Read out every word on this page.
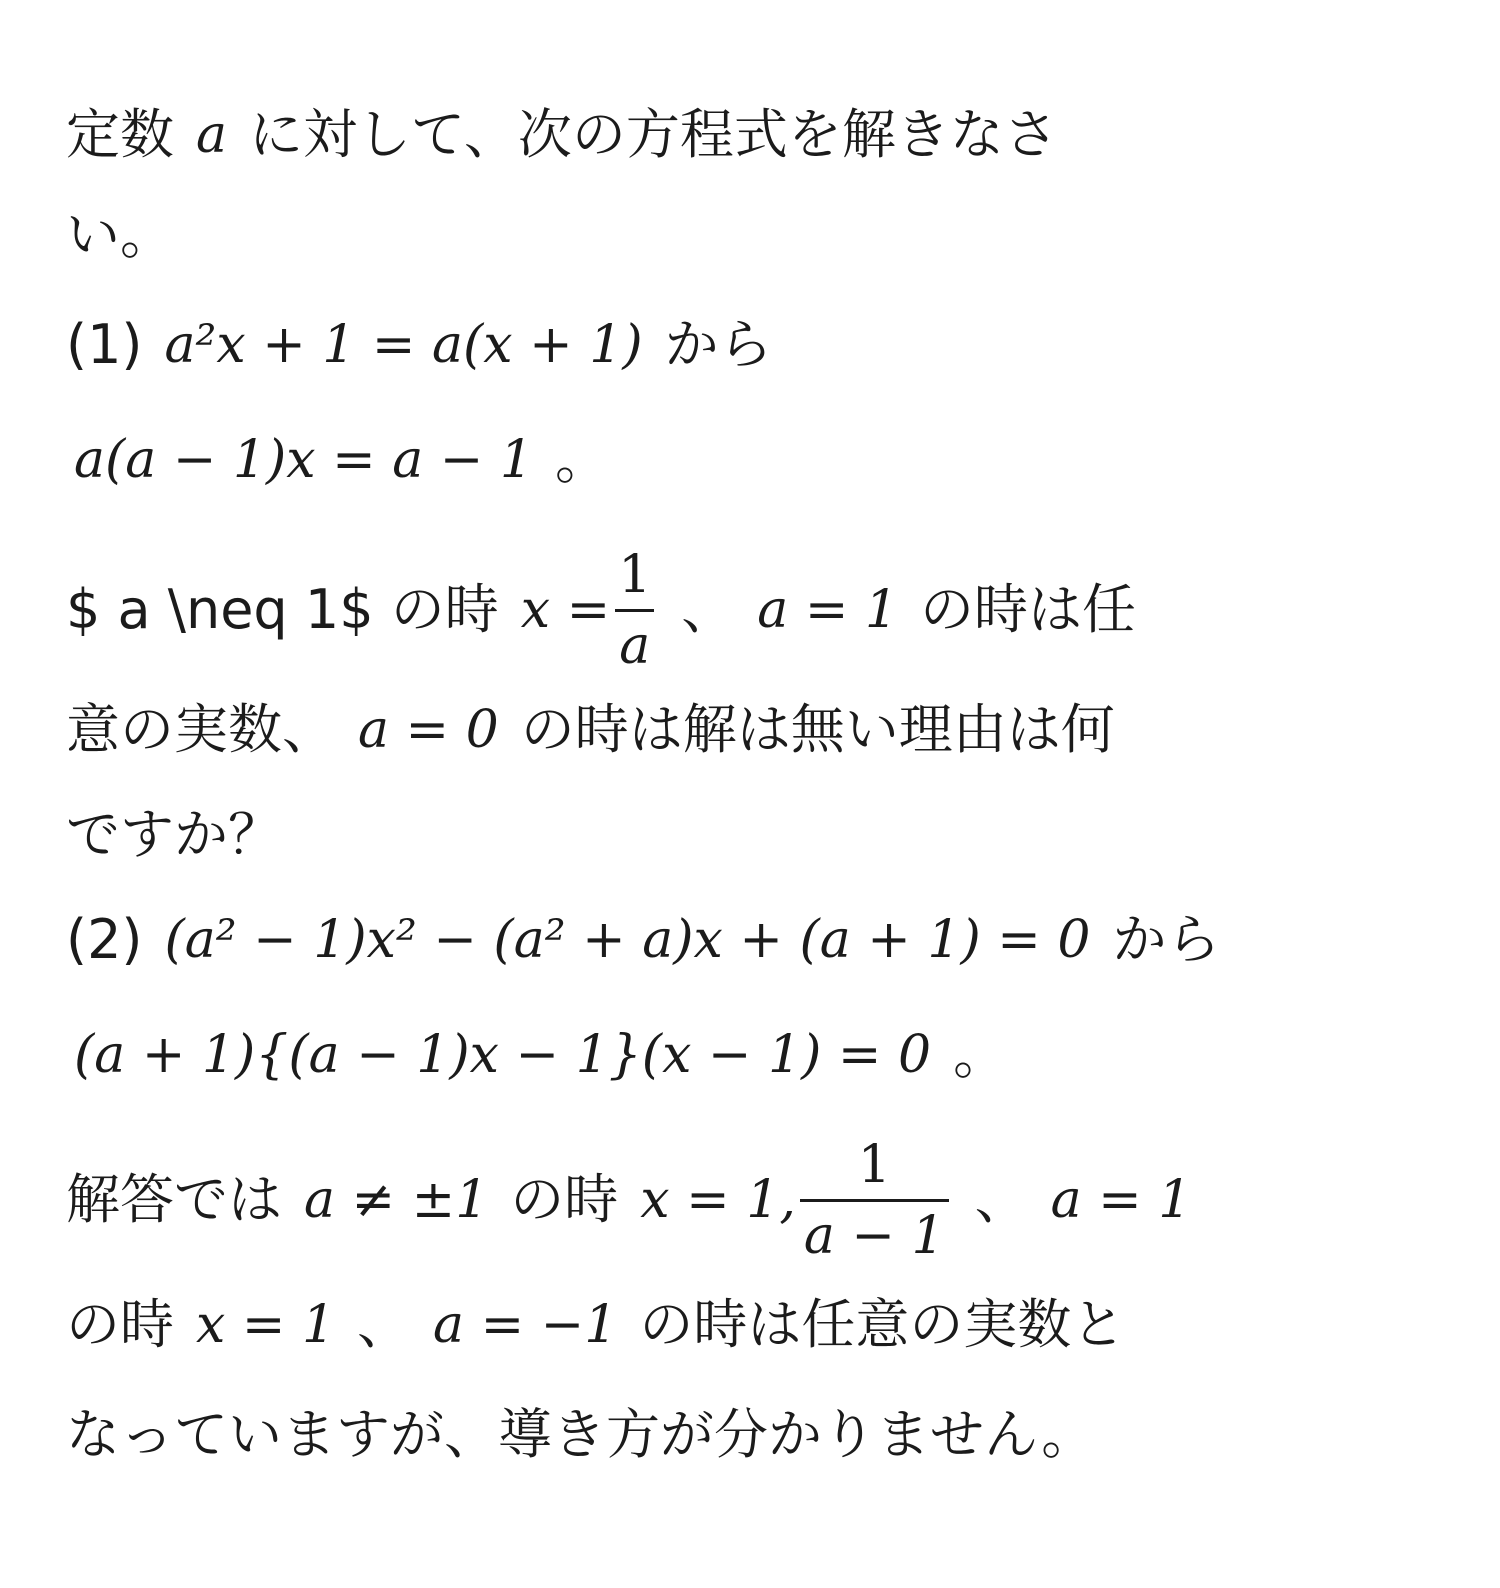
定数 a に対して、次の方程式を解きなさ
い。
(1) a²x + 1 = a(x + 1) から
a(a − 1)x = a − 1 。
$ a \neq 1$ の時 $x = \frac{1}{a}$ 、 a = 1 の時は任
意の実数、 a = 0 の時は解は無い理由は何
ですか？
(2) (a² − 1)x² − (a² + a)x + (a + 1) = 0 から
(a + 1){(a − 1)x − 1}(x − 1) = 0 。
解答では a ≠ ±1 の時 x = 1, $\frac{1}{a - 1}$ 、 a = 1
の時 x = 1 、 a = −1 の時は任意の実数と
なっていますが、導き方が分かりません。
